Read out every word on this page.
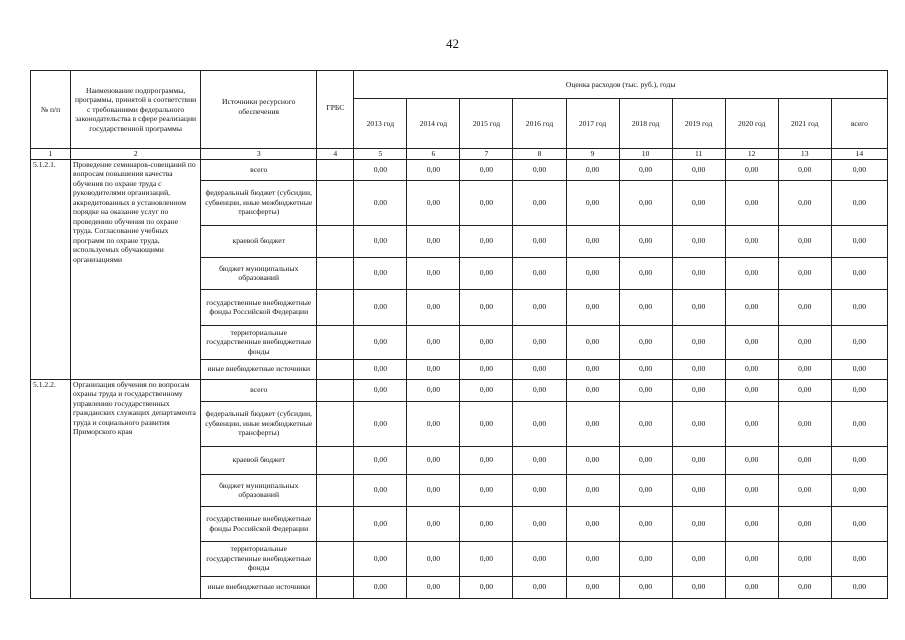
42
№ п/п	Наименование подпрограммы, программы, принятой в соответствии с требованиями федерального законодательства в сфере реализации государственной программы	Источники ресурсного обеспечения	ГРБС	Оценка расходов (тыс. руб.), годы									
				2013 год	2014 год	2015 год	2016 год	2017 год	2018 год	2019 год	2020 год	2021 год	всего
1	2	3	4	5	6	7	8	9	10	11	12	13	14
5.1.2.1.	Проведение семинаров-совещаний по вопросам повышения качества обучения по охране труда с руководителями организаций, аккредитованных в установленном порядке на оказание услуг по проведению обучения по охране труда. Согласование учебных программ по охране труда, используемых обучающими организациями	всего		0,00	0,00	0,00	0,00	0,00	0,00	0,00	0,00	0,00	0,00
		федеральный бюджет (субсидии, субвенции, иные межбюджетные трансферты)		0,00	0,00	0,00	0,00	0,00	0,00	0,00	0,00	0,00	0,00
		краевой бюджет		0,00	0,00	0,00	0,00	0,00	0,00	0,00	0,00	0,00	0,00
		бюджет муниципальных образований		0,00	0,00	0,00	0,00	0,00	0,00	0,00	0,00	0,00	0,00
		государственные внебюджетные фонды Российской Федерации		0,00	0,00	0,00	0,00	0,00	0,00	0,00	0,00	0,00	0,00
		территориальные государственные внебюджетные фонды		0,00	0,00	0,00	0,00	0,00	0,00	0,00	0,00	0,00	0,00
		иные внебюджетные источники		0,00	0,00	0,00	0,00	0,00	0,00	0,00	0,00	0,00	0,00
5.1.2.2.	Организация обучения по вопросам охраны труда и государственному управлению государственных гражданских служащих департамента труда и социального развития Приморского края	всего		0,00	0,00	0,00	0,00	0,00	0,00	0,00	0,00	0,00	0,00
		федеральный бюджет (субсидии, субвенции, иные межбюджетные трансферты)		0,00	0,00	0,00	0,00	0,00	0,00	0,00	0,00	0,00	0,00
		краевой бюджет		0,00	0,00	0,00	0,00	0,00	0,00	0,00	0,00	0,00	0,00
		бюджет муниципальных образований		0,00	0,00	0,00	0,00	0,00	0,00	0,00	0,00	0,00	0,00
		государственные внебюджетные фонды Российской Федерации		0,00	0,00	0,00	0,00	0,00	0,00	0,00	0,00	0,00	0,00
		территориальные государственные внебюджетные фонды		0,00	0,00	0,00	0,00	0,00	0,00	0,00	0,00	0,00	0,00
		иные внебюджетные источники		0,00	0,00	0,00	0,00	0,00	0,00	0,00	0,00	0,00	0,00
